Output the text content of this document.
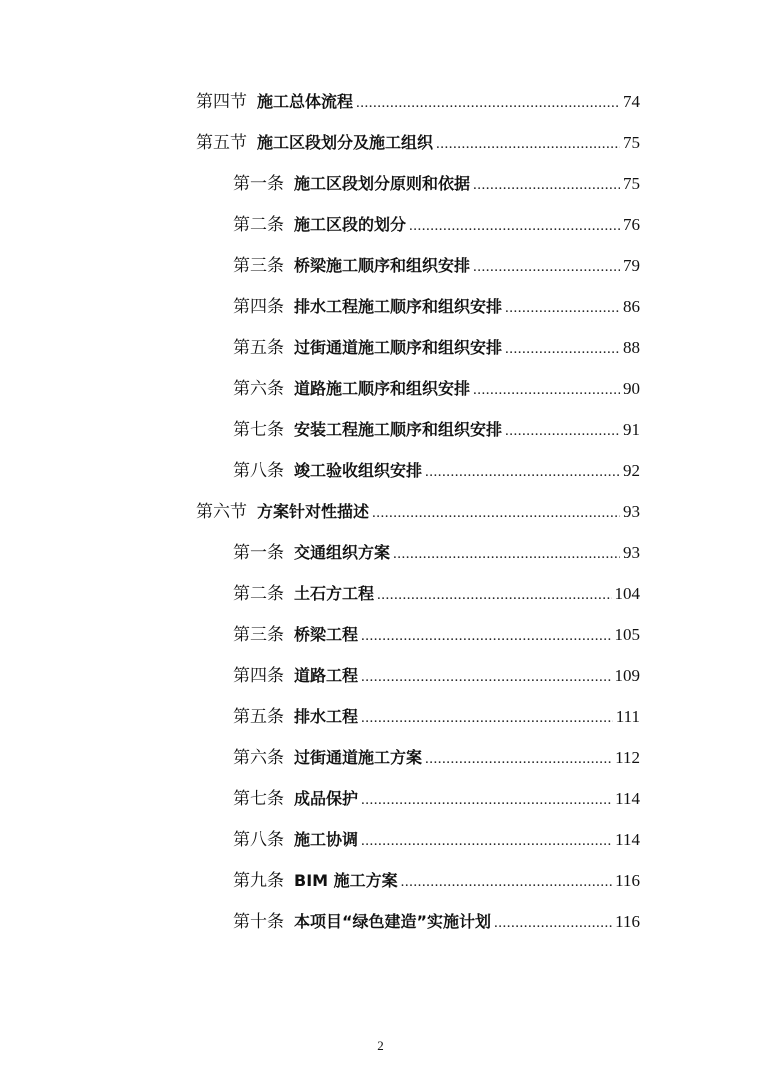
第四节 施工总体流程 .....	74
第五节 施工区段划分及施工组织 .....	75
第一条 施工区段划分原则和依据 .....	75
第二条 施工区段的划分 .....	76
第三条 桥梁施工顺序和组织安排 .....	79
第四条 排水工程施工顺序和组织安排 .....	86
第五条 过街通道施工顺序和组织安排 .....	88
第六条 道路施工顺序和组织安排 .....	90
第七条 安装工程施工顺序和组织安排 .....	91
第八条 竣工验收组织安排 .....	92
第六节 方案针对性描述 .....	93
第一条 交通组织方案 .....	93
第二条 土石方工程 .....	104
第三条 桥梁工程 .....	105
第四条 道路工程 .....	109
第五条 排水工程 .....	111
第六条 过街通道施工方案 .....	112
第七条 成品保护 .....	114
第八条 施工协调 .....	114
第九条 BIM 施工方案 .....	116
第十条 本项目“绿色建造”实施计划 .....	116
2
